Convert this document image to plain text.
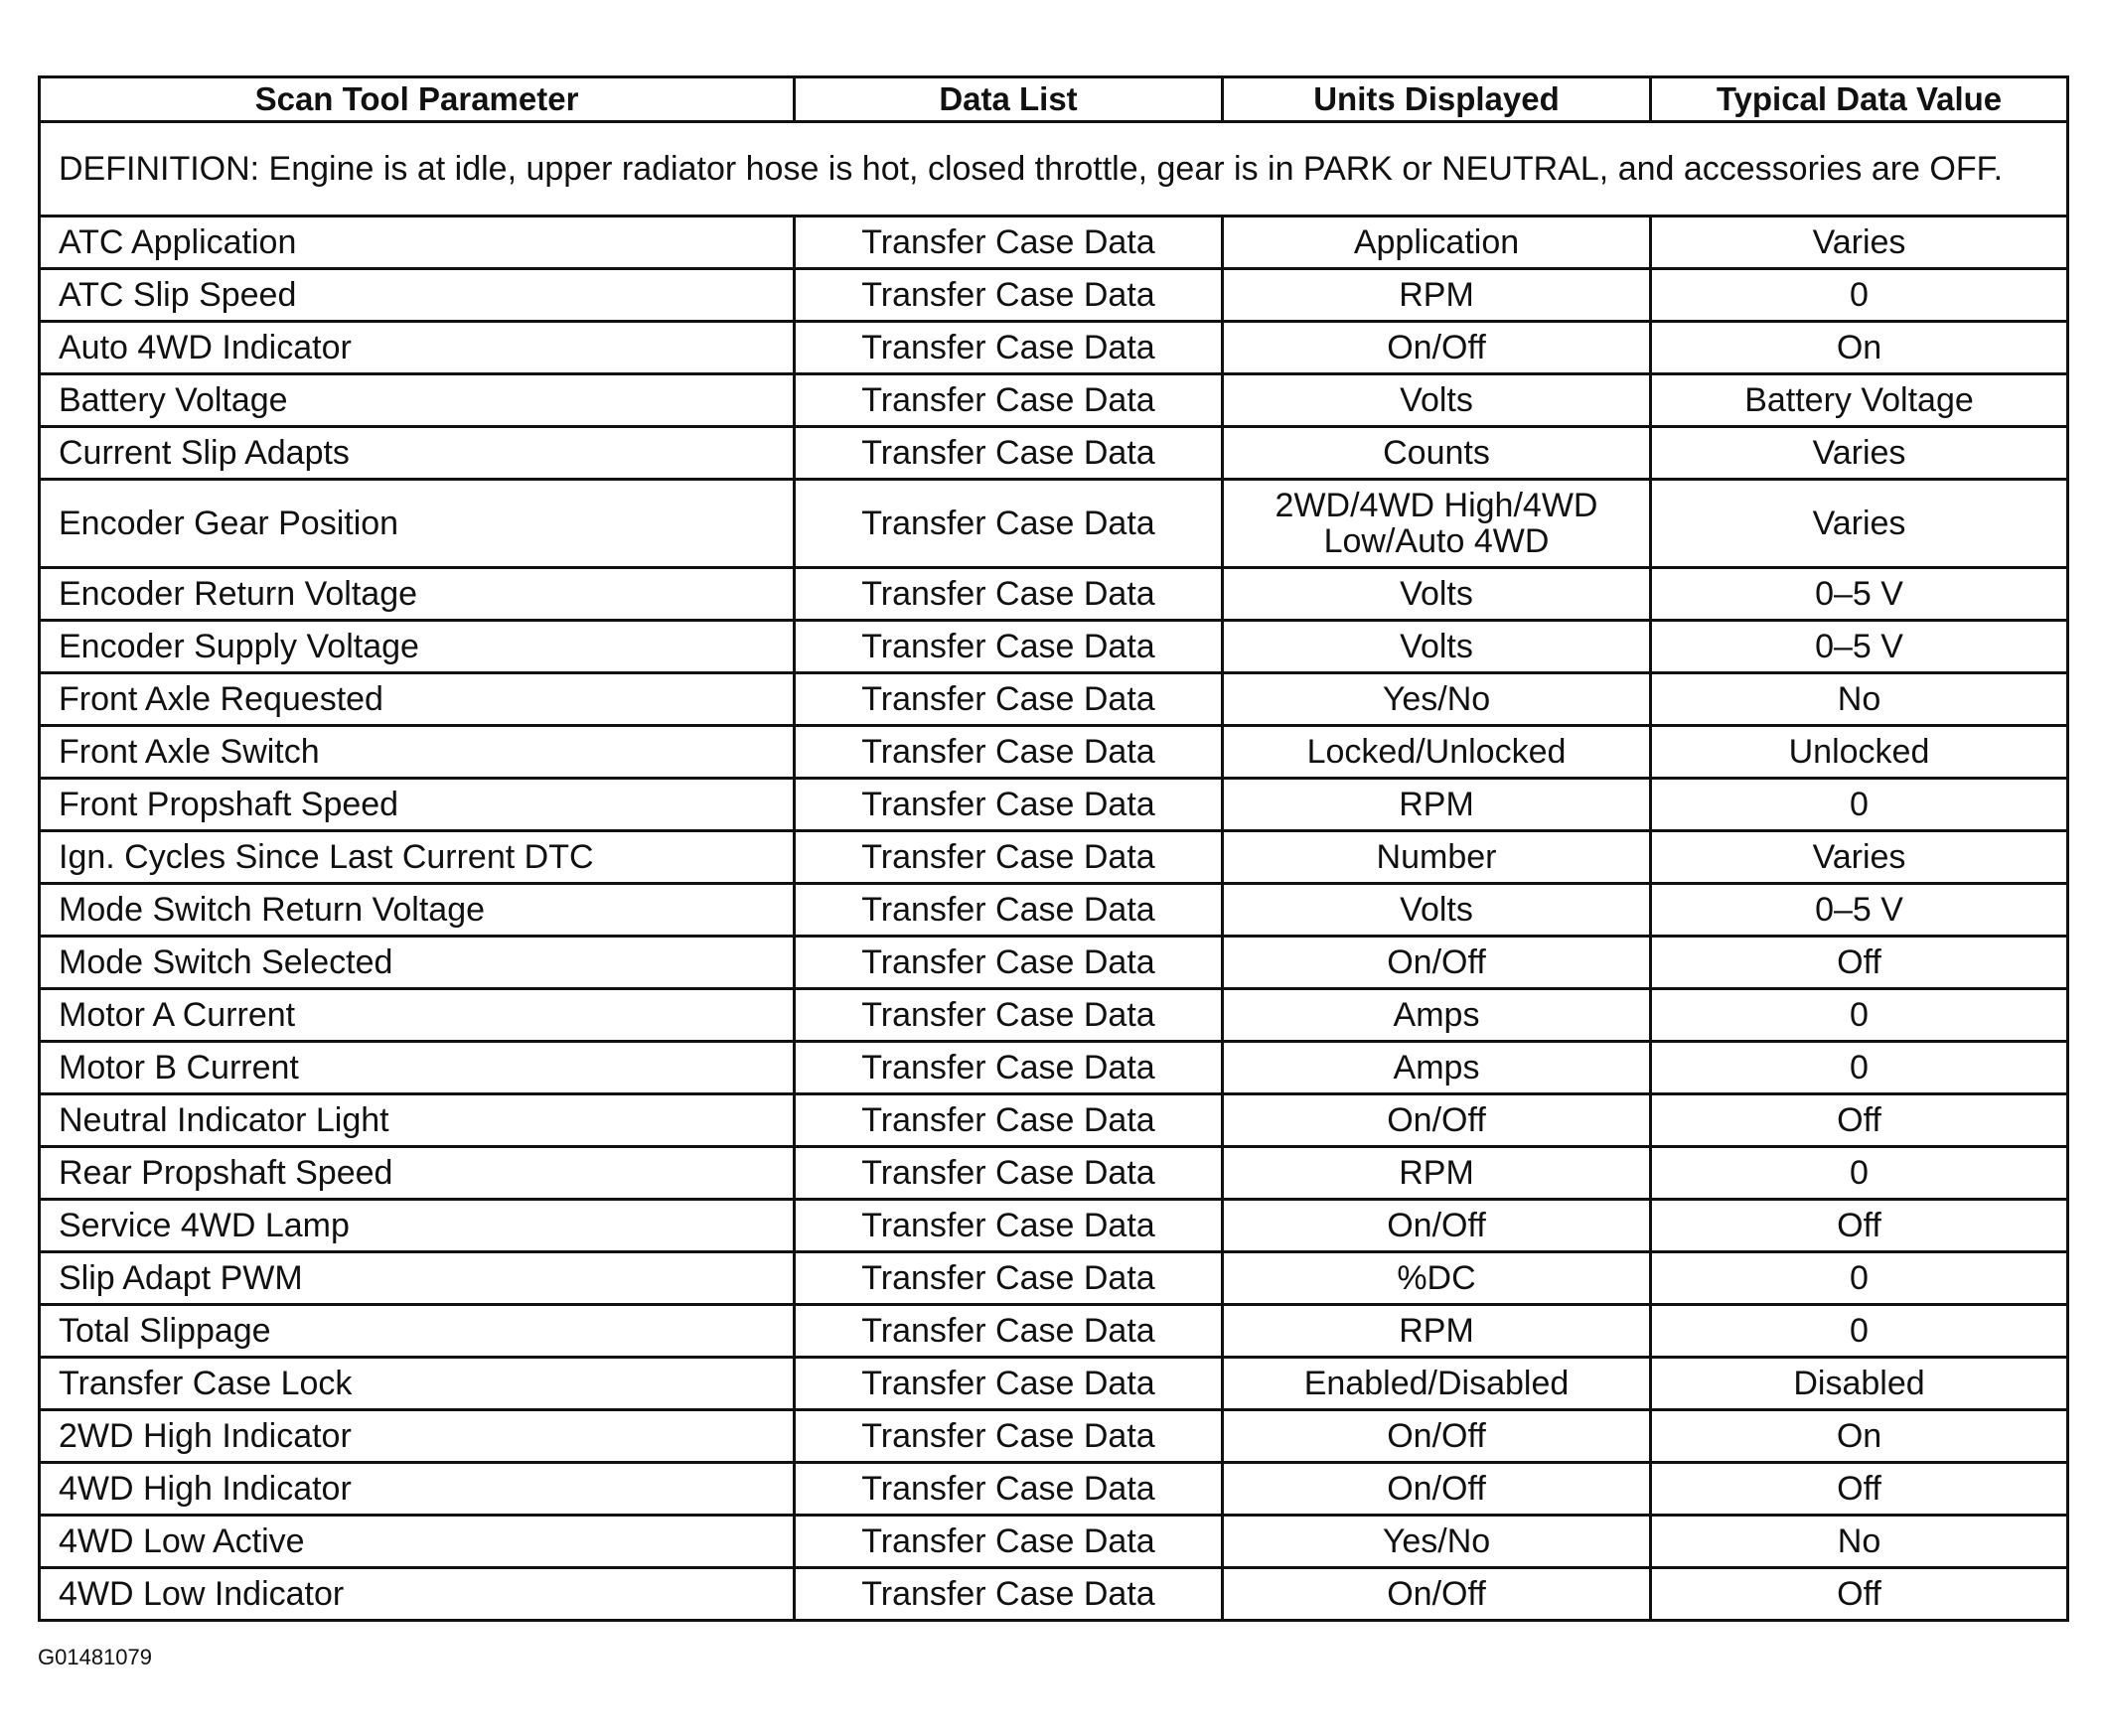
Scan Tool Parameter	Data List	Units Displayed	Typical Data Value
DEFINITION: Engine is at idle, upper radiator hose is hot, closed throttle, gear is in PARK or NEUTRAL, and accessories are OFF.			
ATC Application	Transfer Case Data	Application	Varies
ATC Slip Speed	Transfer Case Data	RPM	0
Auto 4WD Indicator	Transfer Case Data	On/Off	On
Battery Voltage	Transfer Case Data	Volts	Battery Voltage
Current Slip Adapts	Transfer Case Data	Counts	Varies
Encoder Gear Position	Transfer Case Data	2WD/4WD High/4WD Low/Auto 4WD	Varies
Encoder Return Voltage	Transfer Case Data	Volts	0–5 V
Encoder Supply Voltage	Transfer Case Data	Volts	0–5 V
Front Axle Requested	Transfer Case Data	Yes/No	No
Front Axle Switch	Transfer Case Data	Locked/Unlocked	Unlocked
Front Propshaft Speed	Transfer Case Data	RPM	0
Ign. Cycles Since Last Current DTC	Transfer Case Data	Number	Varies
Mode Switch Return Voltage	Transfer Case Data	Volts	0–5 V
Mode Switch Selected	Transfer Case Data	On/Off	Off
Motor A Current	Transfer Case Data	Amps	0
Motor B Current	Transfer Case Data	Amps	0
Neutral Indicator Light	Transfer Case Data	On/Off	Off
Rear Propshaft Speed	Transfer Case Data	RPM	0
Service 4WD Lamp	Transfer Case Data	On/Off	Off
Slip Adapt PWM	Transfer Case Data	%DC	0
Total Slippage	Transfer Case Data	RPM	0
Transfer Case Lock	Transfer Case Data	Enabled/Disabled	Disabled
2WD High Indicator	Transfer Case Data	On/Off	On
4WD High Indicator	Transfer Case Data	On/Off	Off
4WD Low Active	Transfer Case Data	Yes/No	No
4WD Low Indicator	Transfer Case Data	On/Off	Off
G01481079
